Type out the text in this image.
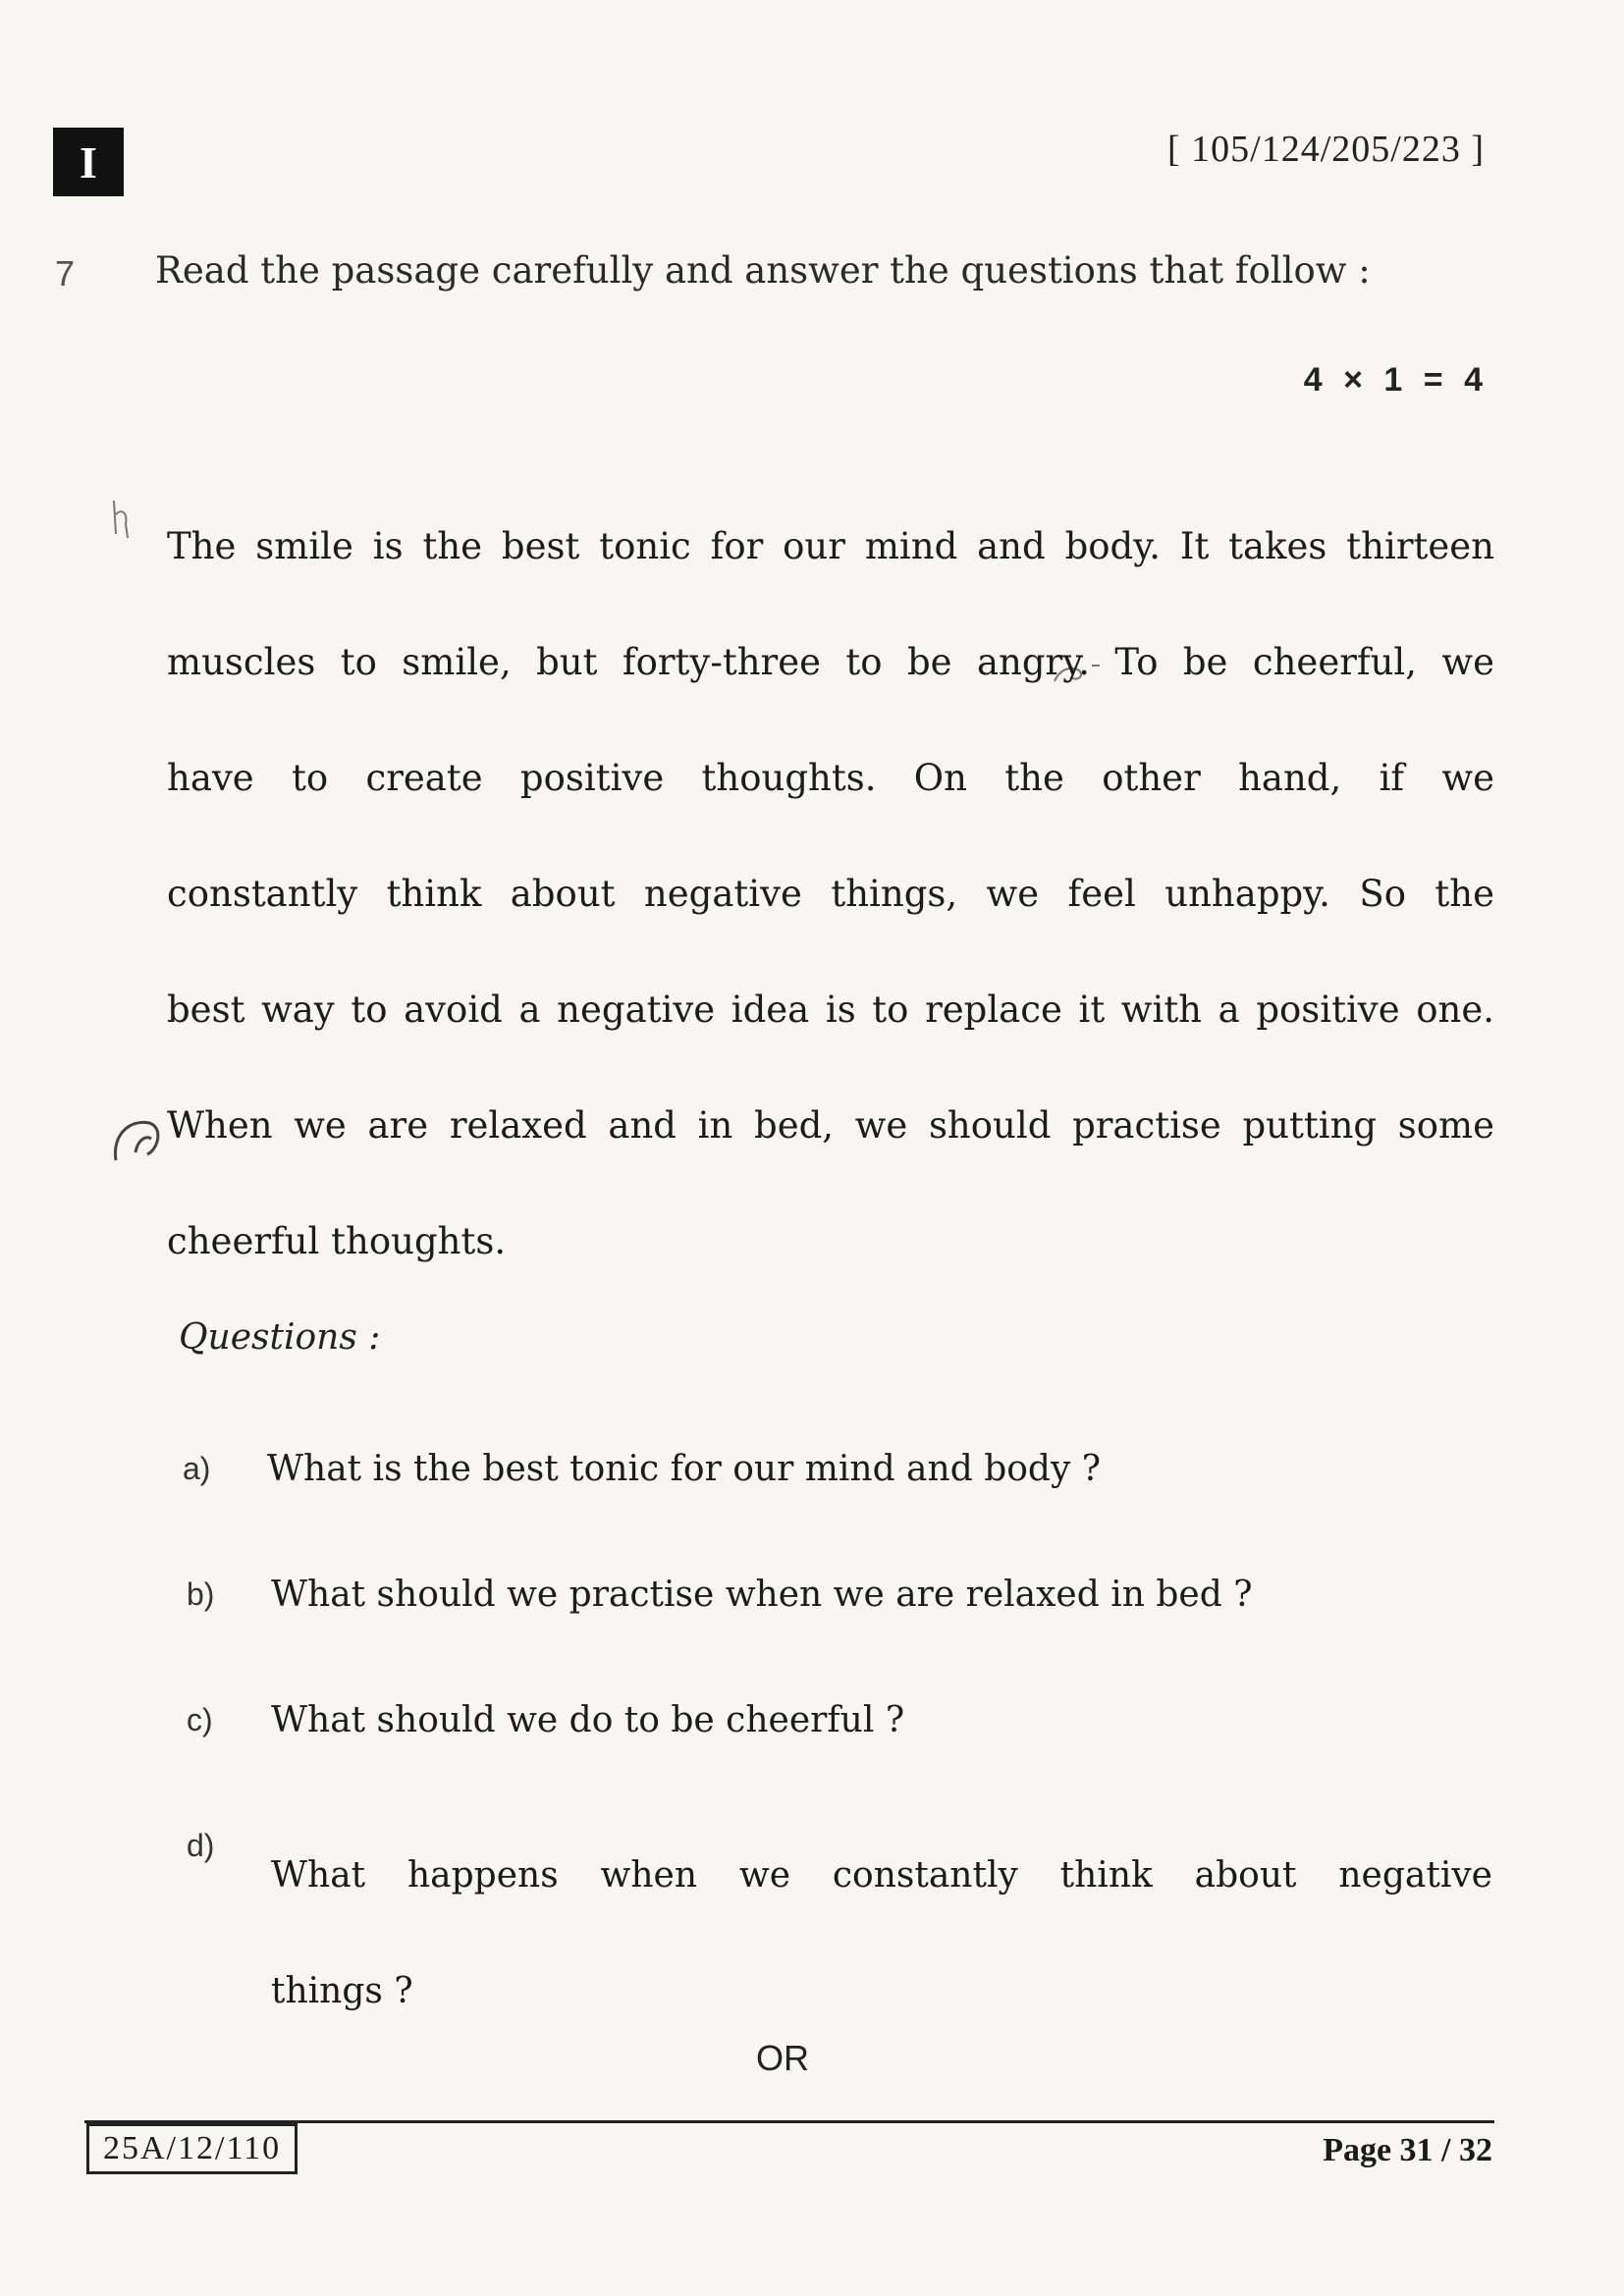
I	[ 105/124/205/223 ]
7 Read the passage carefully and answer the questions that follow :
4 × 1 = 4
The smile is the best tonic for our mind and body. It takes thirteen
muscles to smile, but forty-three to be angry. To be cheerful, we
have to create positive thoughts. On the other hand, if we
constantly think about negative things, we feel unhappy. So the
best way to avoid a negative idea is to replace it with a positive one.
When we are relaxed and in bed, we should practise putting some
cheerful thoughts.
Questions :
a) What is the best tonic for our mind and body ?
b) What should we practise when we are relaxed in bed ?
c) What should we do to be cheerful ?
d)
What happens when we constantly think about negative
things ?
OR
25A/12/110	Page 31 / 32
